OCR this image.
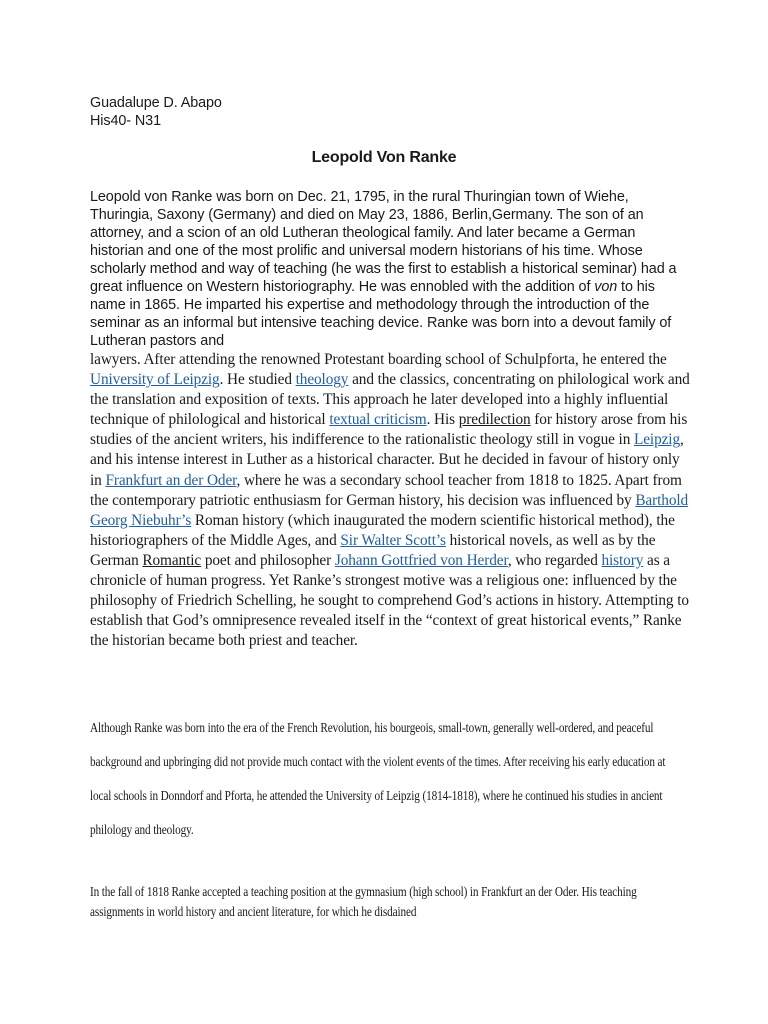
Guadalupe D. Abapo
His40- N31
Leopold Von Ranke
Leopold von Ranke was born on Dec. 21, 1795, in the rural Thuringian town of Wiehe, Thuringia, Saxony (Germany) and died on May 23, 1886, Berlin,Germany. The son of an attorney, and a scion of an old Lutheran theological family. And later became a German historian and one of the most prolific and universal modern historians of his time. Whose scholarly method and way of teaching (he was the first to establish a historical seminar) had a great influence on Western historiography. He was ennobled with the addition of von to his name in 1865. He imparted his expertise and methodology through the introduction of the seminar as an informal but intensive teaching device. Ranke was born into a devout family of Lutheran pastors and
lawyers. After attending the renowned Protestant boarding school of Schulpforta, he entered the University of Leipzig. He studied theology and the classics, concentrating on philological work and the translation and exposition of texts. This approach he later developed into a highly influential technique of philological and historical textual criticism. His predilection for history arose from his studies of the ancient writers, his indifference to the rationalistic theology still in vogue in Leipzig, and his intense interest in Luther as a historical character. But he decided in favour of history only in Frankfurt an der Oder, where he was a secondary school teacher from 1818 to 1825. Apart from the contemporary patriotic enthusiasm for German history, his decision was influenced by Barthold Georg Niebuhr’s Roman history (which inaugurated the modern scientific historical method), the historiographers of the Middle Ages, and Sir Walter Scott’s historical novels, as well as by the German Romantic poet and philosopher Johann Gottfried von Herder, who regarded history as a chronicle of human progress. Yet Ranke’s strongest motive was a religious one: influenced by the philosophy of Friedrich Schelling, he sought to comprehend God’s actions in history. Attempting to establish that God’s omnipresence revealed itself in the “context of great historical events,” Ranke the historian became both priest and teacher.
Although Ranke was born into the era of the French Revolution, his bourgeois, small-town, generally well-ordered, and peaceful background and upbringing did not provide much contact with the violent events of the times. After receiving his early education at local schools in Donndorf and Pforta, he attended the University of Leipzig (1814-1818), where he continued his studies in ancient philology and theology.
In the fall of 1818 Ranke accepted a teaching position at the gymnasium (high school) in Frankfurt an der Oder. His teaching assignments in world history and ancient literature, for which he disdained
